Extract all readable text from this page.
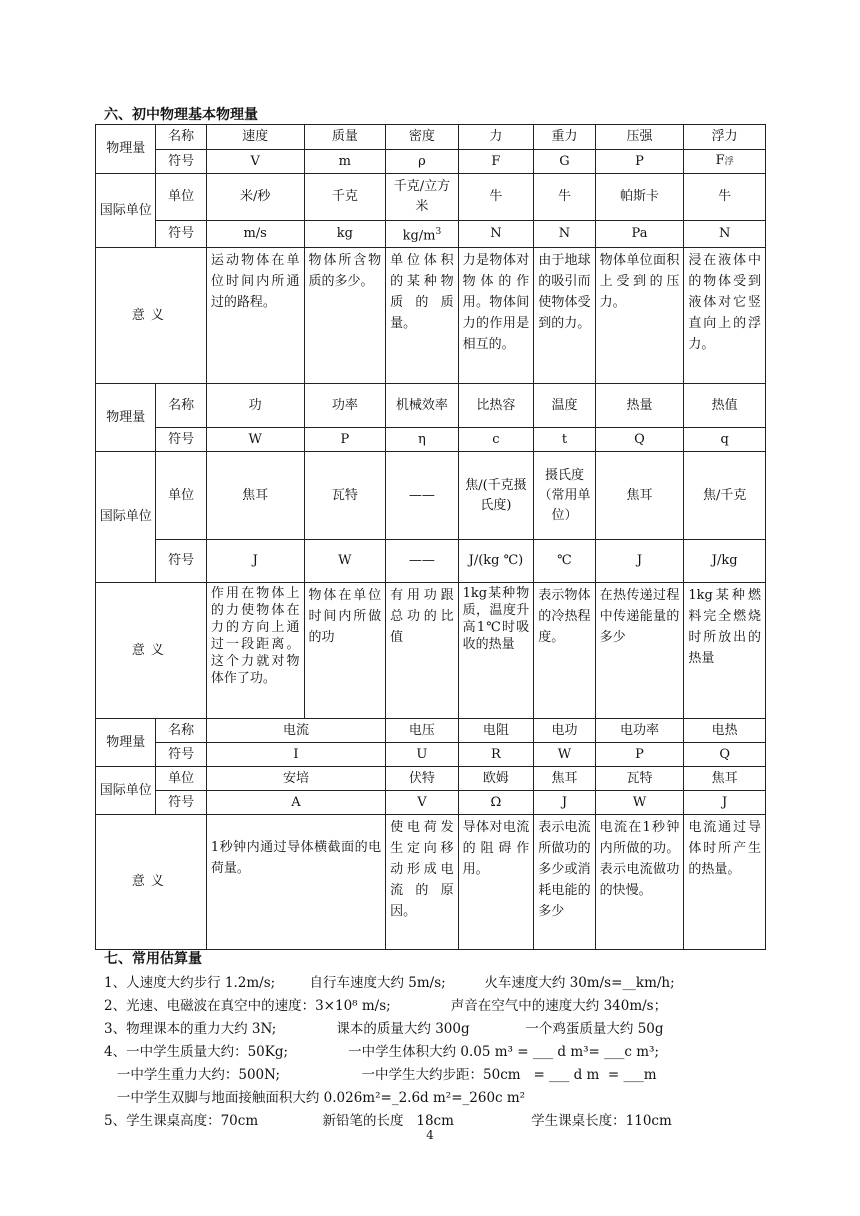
六、初中物理基本物理量
物理量	名称	速度	质量	密度	力	重力	压强	浮力
	符号	V	m	ρ	F	G	P	F浮
国际单位	单位	米/秒	千克	千克/立方米	牛	牛	帕斯卡	牛
	符号	m/s	kg	$kg/m^3$	N	N	Pa	N
意义		运动物体在单位时间内所通过的路程。	物体所含物质的多少。	单位体积的某种物质的质量。	力是物体对物体的作用。物体间力的作用是相互的。	由于地球的吸引而使物体受到的力。	物体单位面积上受到的压力。	浸在液体中的物体受到液体对它竖直向上的浮力。
物理量	名称	功	功率	机械效率	比热容	温度	热量	热值
	符号	W	P	η	c	t	Q	q
国际单位	单位	焦耳	瓦特	——	焦/(千克摄氏度)	摄氏度（常用单位）	焦耳	焦/千克
	符号	J	W	——	J/(kg ℃)	℃	J	J/kg
意义		作用在物体上的力使物体在力的方向上通过一段距离。这个力就对物体作了功。	物体在单位时间内所做的功	有用功跟总功的比值	1kg某种物质，温度升高1℃时吸收的热量	表示物体的冷热程度。	在热传递过程中传递能量的多少	1kg某种燃料完全燃烧时所放出的热量
物理量	名称	电流		电压	电阻	电功	电功率	电热
	符号	I		U	R	W	P	Q
国际单位	单位	安培		伏特	欧姆	焦耳	瓦特	焦耳
	符号	A		V	Ω	J	W	J
意义		1秒钟内通过导体横截面的电荷量。		使电荷发生定向移动形成电流的原因。	导体对电流的阻碍作用。	表示电流所做功的多少或消耗电能的多少	电流在1秒钟内所做的功。表示电流做功的快慢。	电流通过导体时所产生的热量。
七、常用估算量
1、人速度大约步行 1.2m/s;        自行车速度大约 5m/s;         火车速度大约 30m/s=__km/h;
2、光速、电磁波在真空中的速度：3×10⁸ m/s;              声音在空气中的速度大约 340m/s；
3、物理课本的重力大约 3N;              课本的质量大约 300g             一个鸡蛋质量大约 50g
4、一中学生质量大约：50Kg;              一中学生体积大约 0.05 m³ = ___ d m³= ___c m³;
一中学生重力大约：500N;                   一中学生大约步距：50cm   = ___ d m  = ___m
一中学生双脚与地面接触面积大约 0.026m²=_2.6d m²=_260c m²
5、学生课桌高度：70cm               新铅笔的长度   18cm                  学生课桌长度：110cm
4
